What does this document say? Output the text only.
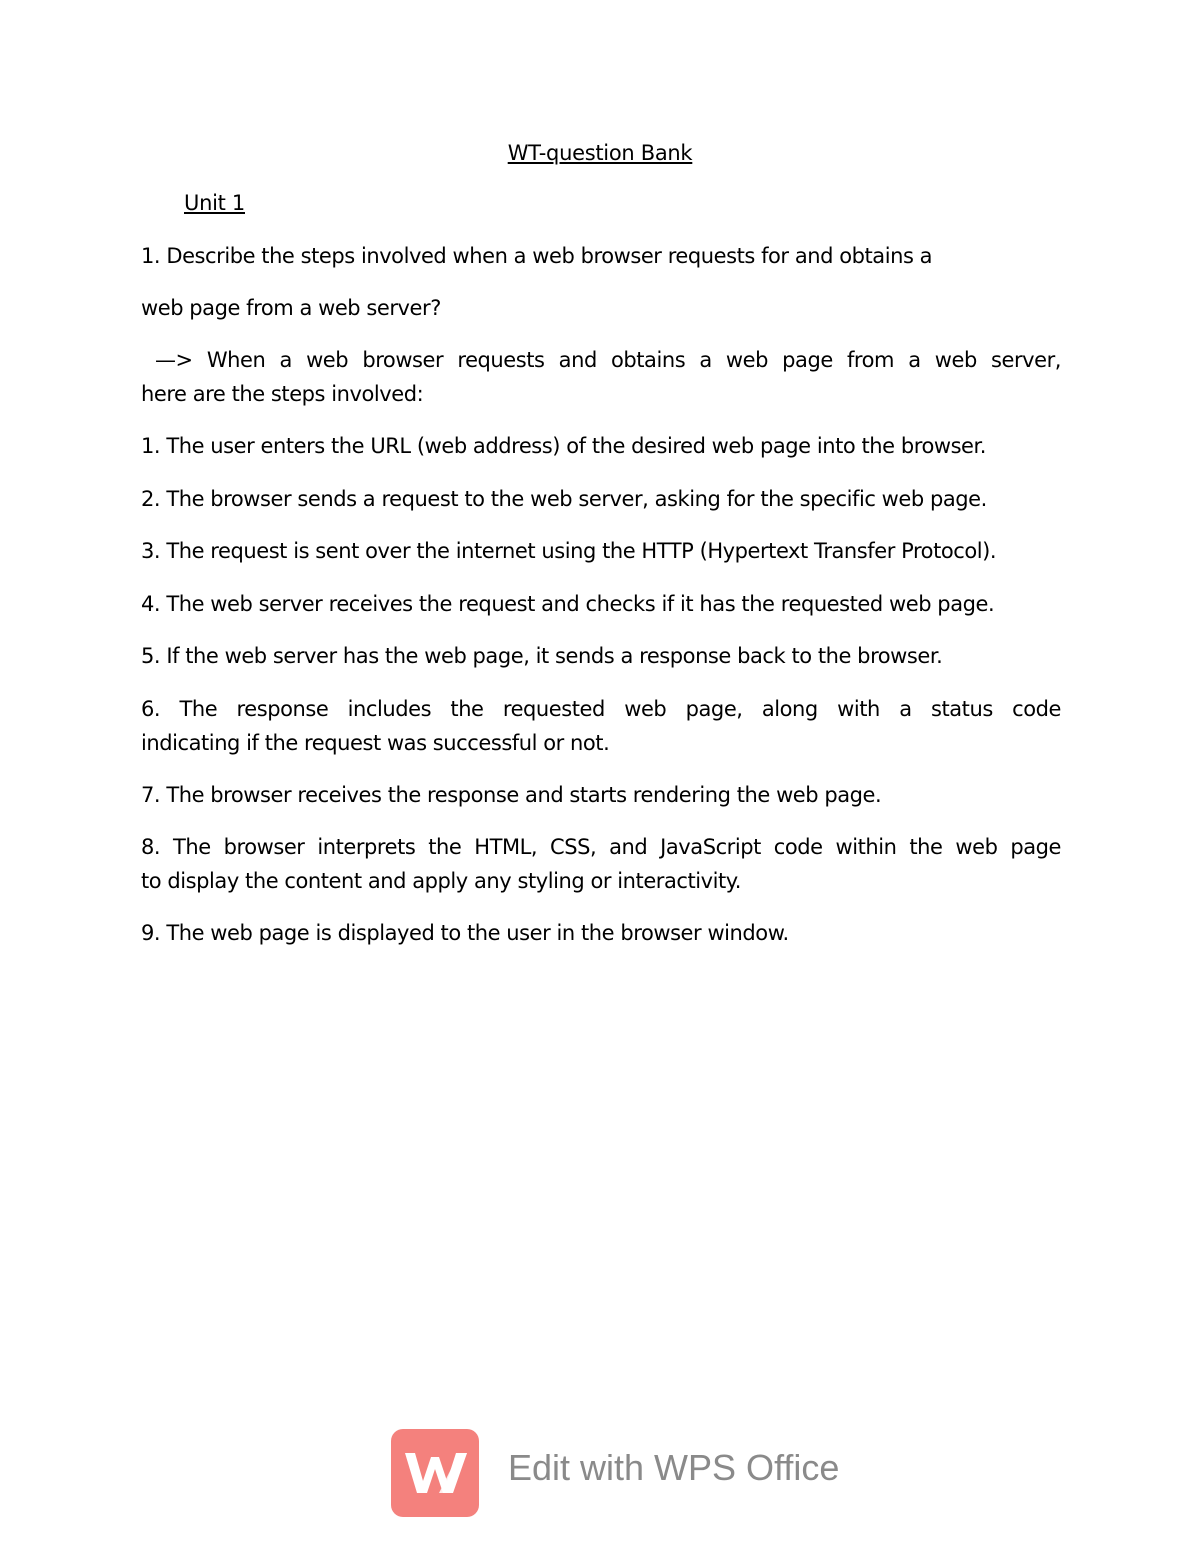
WT-question Bank
Unit 1
1. Describe the steps involved when a web browser requests for and obtains a
web page from a web server?
—> When a web browser requests and obtains a web page from a web server,
here are the steps involved:
1. The user enters the URL (web address) of the desired web page into the browser.
2. The browser sends a request to the web server, asking for the specific web page.
3. The request is sent over the internet using the HTTP (Hypertext Transfer Protocol).
4. The web server receives the request and checks if it has the requested web page.
5. If the web server has the web page, it sends a response back to the browser.
6. The response includes the requested web page, along with a status code
indicating if the request was successful or not.
7. The browser receives the response and starts rendering the web page.
8. The browser interprets the HTML, CSS, and JavaScript code within the web page
to display the content and apply any styling or interactivity.
9. The web page is displayed to the user in the browser window.
Edit with WPS Office
